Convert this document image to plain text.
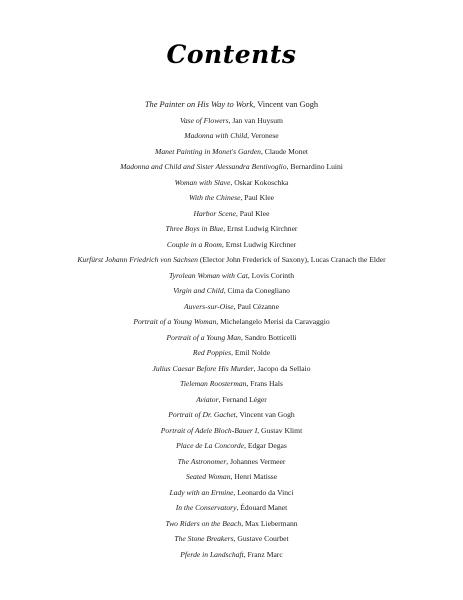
Contents
The Painter on His Way to Work, Vincent van Gogh
Vase of Flowers, Jan van Huysum
Madonna with Child, Veronese
Manet Painting in Monet's Garden, Claude Monet
Madonna and Child and Sister Alessandra Bentivoglio, Bernardino Luini
Woman with Slave, Oskar Kokoschka
With the Chinese, Paul Klee
Harbor Scene, Paul Klee
Three Boys in Blue, Ernst Ludwig Kirchner
Couple in a Room, Ernst Ludwig Kirchner
Kurfürst Johann Friedrich von Sachsen (Elector John Frederick of Saxony), Lucas Cranach the Elder
Tyrolean Woman with Cat, Lovis Corinth
Virgin and Child, Cima da Conegliano
Auvers-sur-Oise, Paul Cézanne
Portrait of a Young Woman, Michelangelo Merisi da Caravaggio
Portrait of a Young Man, Sandro Botticelli
Red Poppies, Emil Nolde
Julius Caesar Before His Murder, Jacopo da Sellaio
Tieleman Roosterman, Frans Hals
Aviator, Fernand Léger
Portrait of Dr. Gachet, Vincent van Gogh
Portrait of Adele Bloch-Bauer I, Gustav Klimt
Place de La Concorde, Edgar Degas
The Astronomer, Johannes Vermeer
Seated Woman, Henri Matisse
Lady with an Ermine, Leonardo da Vinci
In the Conservatory, Édouard Manet
Two Riders on the Beach, Max Liebermann
The Stone Breakers, Gustave Courbet
Pferde in Landschaft, Franz Marc
